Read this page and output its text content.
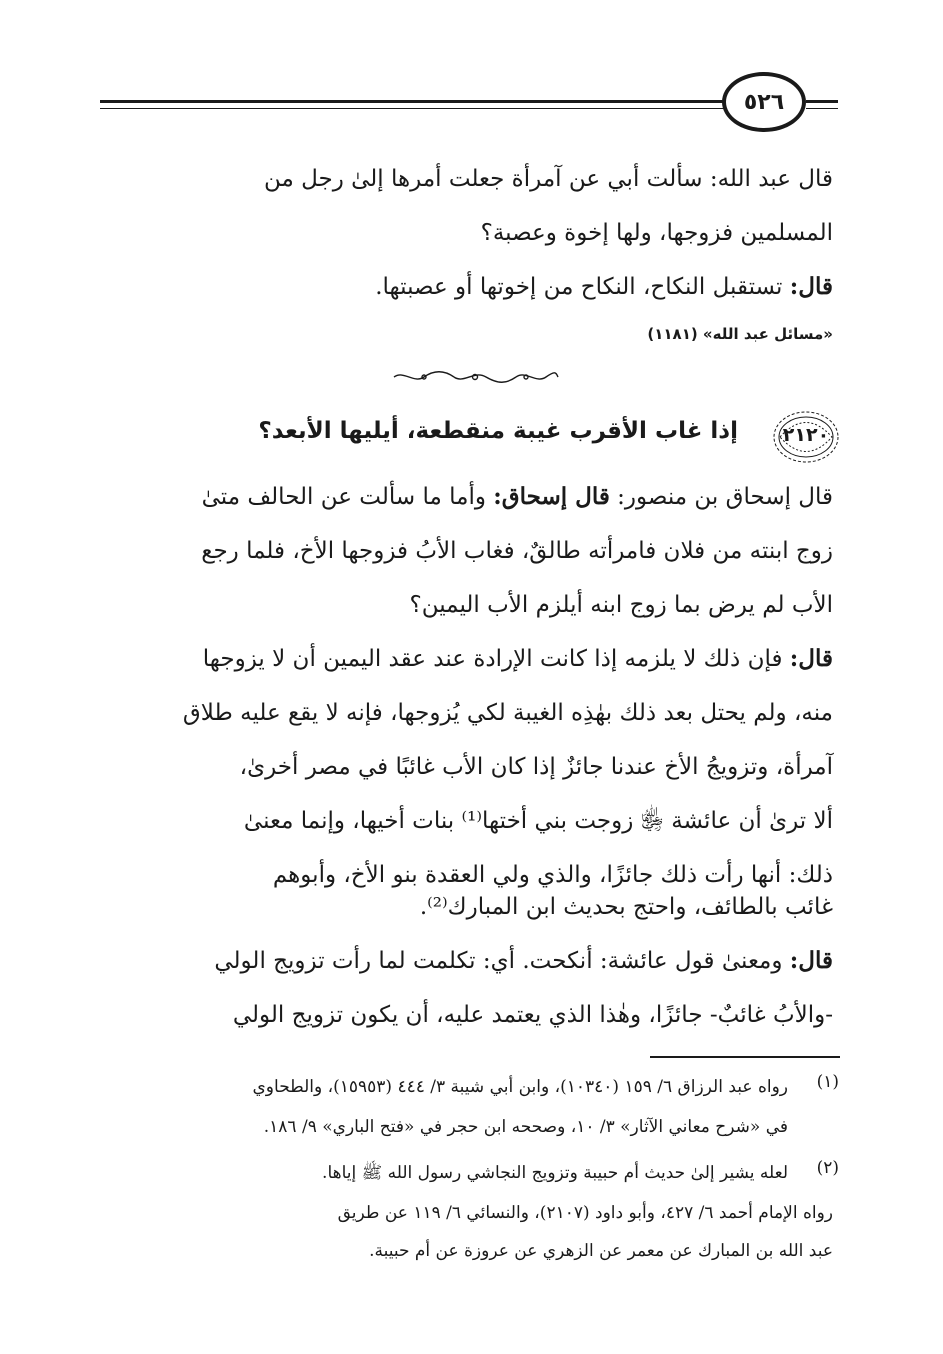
٥٢٦
قال عبد الله: سألت أبي عن آمرأة جعلت أمرها إلىٰ رجل من
المسلمين فزوجها، ولها إخوة وعصبة؟
قال: تستقبل النكاح، النكاح من إخوتها أو عصبتها.
«مسائل عبد الله» (١١٨١)
٢١٢٠
إذا غاب الأقرب غيبة منقطعة، أيليها الأبعد؟
قال إسحاق بن منصور: قال إسحاق: وأما ما سألت عن الحالف متىٰ
زوج ابنته من فلان فامرأته طالقٌ، فغاب الأبُ فزوجها الأخ، فلما رجع
الأب لم يرض بما زوج ابنه أيلزم الأب اليمين؟
قال: فإن ذلك لا يلزمه إذا كانت الإرادة عند عقد اليمين أن لا يزوجها
منه، ولم يحتل بعد ذلك بهٰذِه الغيبة لكي يُزوجها، فإنه لا يقع عليه طلاق
آمرأة، وتزويجُ الأخ عندنا جائزٌ إذا كان الأب غائبًا في مصر أخرىٰ،
ألا ترىٰ أن عائشة ﵂ زوجت بني أختها⁽¹⁾ بنات أخيها، وإنما معنىٰ
ذلك: أنها رأت ذلك جائزًا، والذي ولي العقدة بنو الأخ، وأبوهم
غائب بالطائف، واحتج بحديث ابن المبارك⁽²⁾.
قال: ومعنىٰ قول عائشة: أنكحت. أي: تكلمت لما رأت تزويج الولي
-والأبُ غائبٌ- جائزًا، وهٰذا الذي يعتمد عليه، أن يكون تزويج الولي
(١)
رواه عبد الرزاق ٦/ ١٥٩ (١٠٣٤٠)، وابن أبي شيبة ٣/ ٤٤٤ (١٥٩٥٣)، والطحاوي
في «شرح معاني الآثار» ٣/ ١٠، وصححه ابن حجر في «فتح الباري» ٩/ ١٨٦.
(٢)
لعله يشير إلىٰ حديث أم حبيبة وتزويج النجاشي رسول الله ﷺ إياها.
رواه الإمام أحمد ٦/ ٤٢٧، وأبو داود (٢١٠٧)، والنسائي ٦/ ١١٩ عن طريق
عبد الله بن المبارك عن معمر عن الزهري عن عروزة عن أم حبيبة.
